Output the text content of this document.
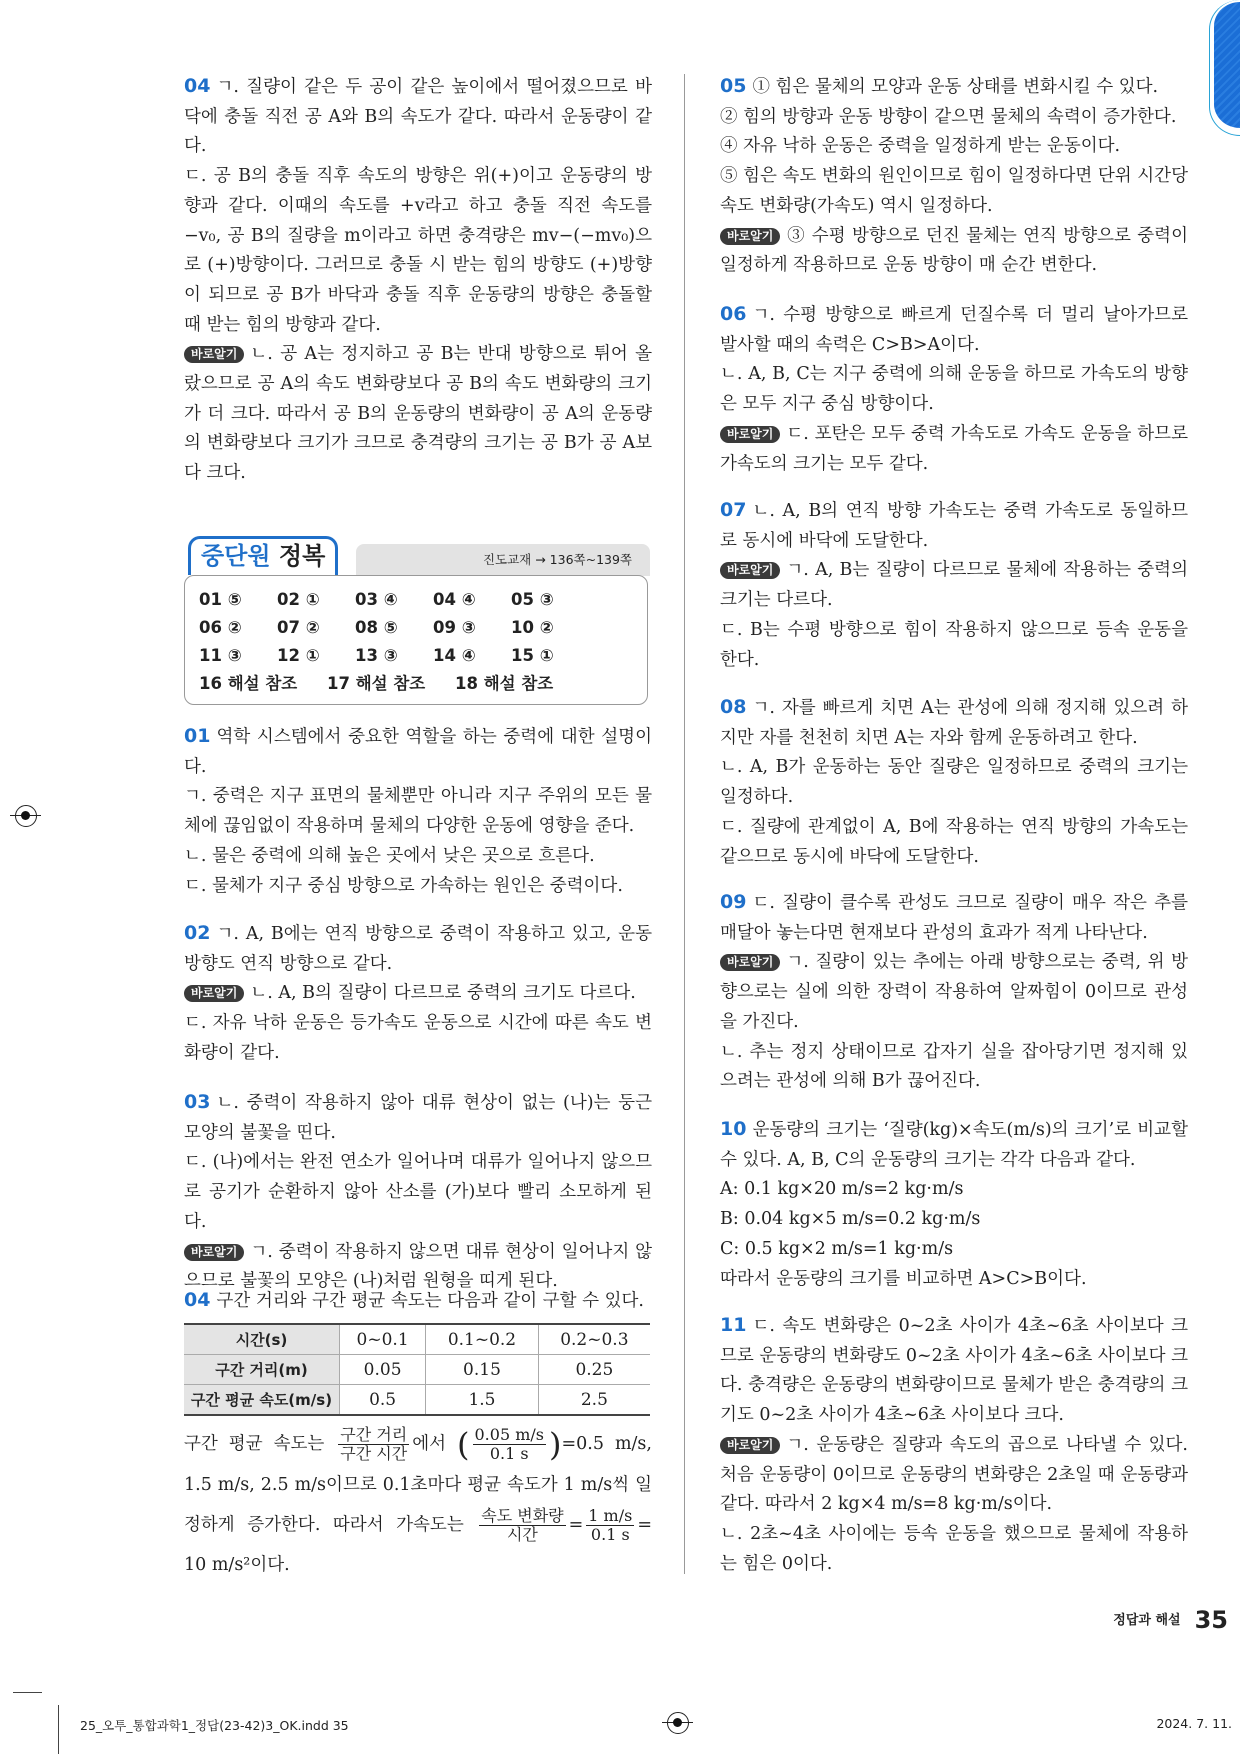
04 ㄱ. 질량이 같은 두 공이 같은 높이에서 떨어졌으므로 바닥에 충돌 직전 공 A와 B의 속도가 같다. 따라서 운동량이 같다.

ㄷ. 공 B의 충돌 직후 속도의 방향은 위(+)이고 운동량의 방향과 같다. 이때의 속도를 +v라고 하고 충돌 직전 속도를 −v₀, 공 B의 질량을 m이라고 하면 충격량은 mv−(−mv₀)으로 (+)방향이다. 그러므로 충돌 시 받는 힘의 방향도 (+)방향이 되므로 공 B가 바닥과 충돌 직후 운동량의 방향은 충돌할 때 받는 힘의 방향과 같다.

바로알기 ㄴ. 공 A는 정지하고 공 B는 반대 방향으로 튀어 올랐으므로 공 A의 속도 변화량보다 공 B의 속도 변화량의 크기가 더 크다. 따라서 공 B의 운동량의 변화량이 공 A의 운동량의 변화량보다 크기가 크므로 충격량의 크기는 공 B가 공 A보다 크다.

01 역학 시스템에서 중요한 역할을 하는 중력에 대한 설명이다.

ㄱ. 중력은 지구 표면의 물체뿐만 아니라 지구 주위의 모든 물체에 끊임없이 작용하며 물체의 다양한 운동에 영향을 준다.

ㄴ. 물은 중력에 의해 높은 곳에서 낮은 곳으로 흐른다.

ㄷ. 물체가 지구 중심 방향으로 가속하는 원인은 중력이다.

02 ㄱ. A, B에는 연직 방향으로 중력이 작용하고 있고, 운동 방향도 연직 방향으로 같다.

바로알기 ㄴ. A, B의 질량이 다르므로 중력의 크기도 다르다.

ㄷ. 자유 낙하 운동은 등가속도 운동으로 시간에 따른 속도 변화량이 같다.

03 ㄴ. 중력이 작용하지 않아 대류 현상이 없는 (나)는 둥근 모양의 불꽃을 띤다.

ㄷ. (나)에서는 완전 연소가 일어나며 대류가 일어나지 않으므로 공기가 순환하지 않아 산소를 (가)보다 빨리 소모하게 된다.

바로알기 ㄱ. 중력이 작용하지 않으면 대류 현상이 일어나지 않으므로 불꽃의 모양은 (나)처럼 원형을 띠게 된다.

04 구간 거리와 구간 평균 속도는 다음과 같이 구할 수 있다.

05 ① 힘은 물체의 모양과 운동 상태를 변화시킬 수 있다.

② 힘의 방향과 운동 방향이 같으면 물체의 속력이 증가한다.

④ 자유 낙하 운동은 중력을 일정하게 받는 운동이다.

⑤ 힘은 속도 변화의 원인이므로 힘이 일정하다면 단위 시간당 속도 변화량(가속도) 역시 일정하다.

바로알기 ③ 수평 방향으로 던진 물체는 연직 방향으로 중력이 일정하게 작용하므로 운동 방향이 매 순간 변한다.

06 ㄱ. 수평 방향으로 빠르게 던질수록 더 멀리 날아가므로 발사할 때의 속력은 C>B>A이다.

ㄴ. A, B, C는 지구 중력에 의해 운동을 하므로 가속도의 방향은 모두 지구 중심 방향이다.

바로알기 ㄷ. 포탄은 모두 중력 가속도로 가속도 운동을 하므로 가속도의 크기는 모두 같다.

07 ㄴ. A, B의 연직 방향 가속도는 중력 가속도로 동일하므로 동시에 바닥에 도달한다.

바로알기 ㄱ. A, B는 질량이 다르므로 물체에 작용하는 중력의 크기는 다르다.

ㄷ. B는 수평 방향으로 힘이 작용하지 않으므로 등속 운동을 한다.

08 ㄱ. 자를 빠르게 치면 A는 관성에 의해 정지해 있으려 하지만 자를 천천히 치면 A는 자와 함께 운동하려고 한다.

ㄴ. A, B가 운동하는 동안 질량은 일정하므로 중력의 크기는 일정하다.

ㄷ. 질량에 관계없이 A, B에 작용하는 연직 방향의 가속도는 같으므로 동시에 바닥에 도달한다.

09 ㄷ. 질량이 클수록 관성도 크므로 질량이 매우 작은 추를 매달아 놓는다면 현재보다 관성의 효과가 적게 나타난다.

바로알기 ㄱ. 질량이 있는 추에는 아래 방향으로는 중력, 위 방향으로는 실에 의한 장력이 작용하여 알짜힘이 0이므로 관성을 가진다.

ㄴ. 추는 정지 상태이므로 갑자기 실을 잡아당기면 정지해 있으려는 관성에 의해 B가 끊어진다.

10 운동량의 크기는 ‘질량(kg)×속도(m/s)의 크기’로 비교할 수 있다. A, B, C의 운동량의 크기는 각각 다음과 같다.

A: 0.1 kg×20 m/s=2 kg·m/s

B: 0.04 kg×5 m/s=0.2 kg·m/s

C: 0.5 kg×2 m/s=1 kg·m/s

따라서 운동량의 크기를 비교하면 A>C>B이다.

11 ㄷ. 속도 변화량은 0~2초 사이가 4초~6초 사이보다 크므로 운동량의 변화량도 0~2초 사이가 4초~6초 사이보다 크다. 충격량은 운동량의 변화량이므로 물체가 받은 충격량의 크기도 0~2초 사이가 4초~6초 사이보다 크다.

바로알기 ㄱ. 운동량은 질량과 속도의 곱으로 나타낼 수 있다. 처음 운동량이 0이므로 운동량의 변화량은 2초일 때 운동량과 같다. 따라서 2 kg×4 m/s=8 kg·m/s이다.

ㄴ. 2초~4초 사이에는 등속 운동을 했으므로 물체에 작용하는 힘은 0이다.

진도교재 → 136쪽~139쪽
중단원 정복
01 ⑤	02 ①	03 ④	04 ④	05 ③
06 ②	07 ②	08 ⑤	09 ③	10 ②
11 ③	12 ①	13 ③	14 ④	15 ①
16 해설 참조	17 해설 참조	18 해설 참조
시간(s)	0~0.1	0.1~0.2	0.2~0.3
구간 거리(m)	0.05	0.15	0.25
구간 평균 속도(m/s)	0.5	1.5	2.5
구간 평균 속도는 $\frac{\text{구간 거리}}{\text{구간 시간}}$ 에서 ( $\frac{0.05 m/s}{0.1 s} )=0.5$ m/s, 1.5 m/s, 2.5 m/s이므로 0.1초마다 평균 속도가 1 m/s씩 일정하게 증가한다. 따라서 가속도는 $\frac{\text{속도 변화량}}{\text{시간}} = \frac{1 m/s}{0.1 s} = 10$ m/s²이다.
$^{정답과 해설}$ 35
25_오투_통합과학1_정답(23-42)3_OK.indd 35	2024. 7. 11.
